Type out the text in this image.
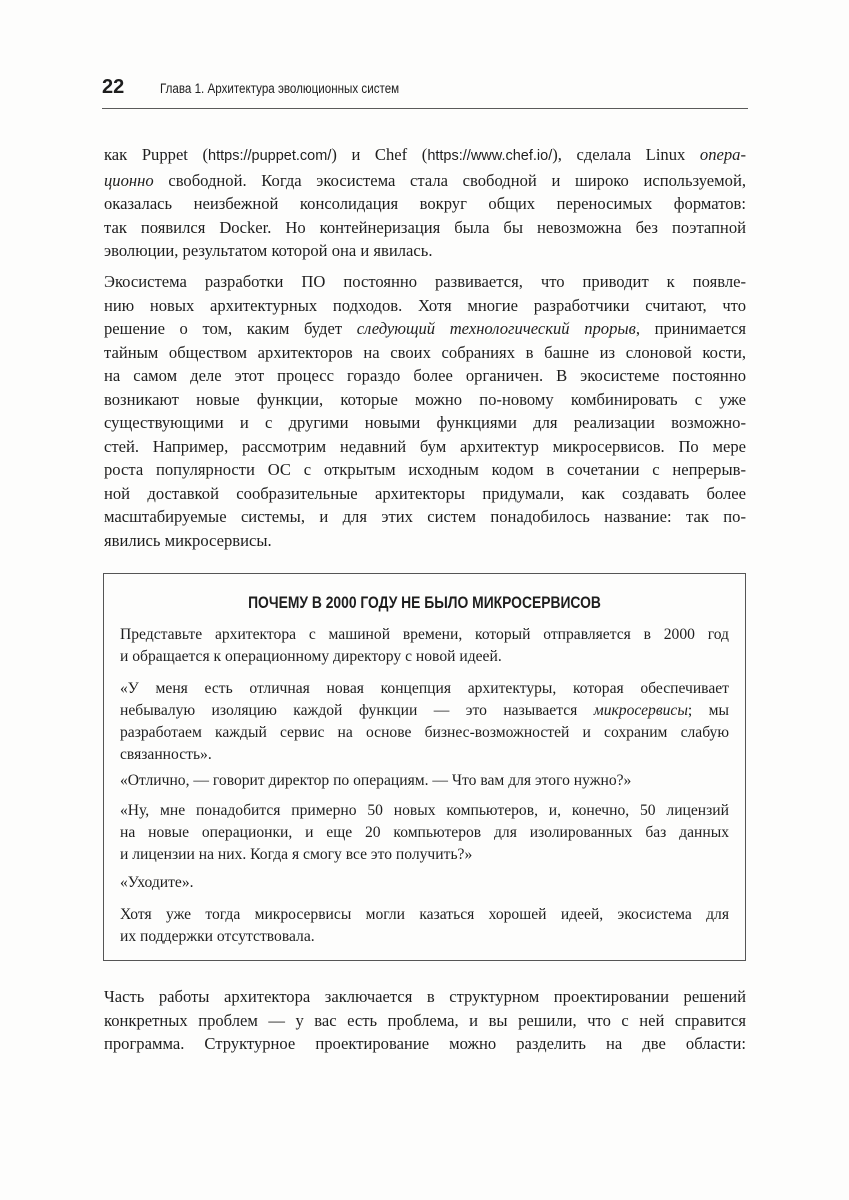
22	Глава 1. Архитектура эволюционных систем
как Puppet (https://puppet.com/) и Chef (https://www.chef.io/), сделала Linux опера-
ционно свободной. Когда экосистема стала свободной и широко используемой,
оказалась неизбежной консолидация вокруг общих переносимых форматов:
так появился Docker. Но контейнеризация была бы невозможна без поэтапной
эволюции, результатом которой она и явилась.
Экосистема разработки ПО постоянно развивается, что приводит к появле-
нию новых архитектурных подходов. Хотя многие разработчики считают, что
решение о том, каким будет следующий технологический прорыв, принимается
тайным обществом архитекторов на своих собраниях в башне из слоновой кости,
на самом деле этот процесс гораздо более органичен. В экосистеме постоянно
возникают новые функции, которые можно по-новому комбинировать с уже
существующими и с другими новыми функциями для реализации возможно-
стей. Например, рассмотрим недавний бум архитектур микросервисов. По мере
роста популярности ОС с открытым исходным кодом в сочетании с непрерыв-
ной доставкой сообразительные архитекторы придумали, как создавать более
масштабируемые системы, и для этих систем понадобилось название: так по-
явились микросервисы.
ПОЧЕМУ В 2000 ГОДУ НЕ БЫЛО МИКРОСЕРВИСОВ
Представьте архитектора с машиной времени, который отправляется в 2000 год
и обращается к операционному директору с новой идеей.
«У меня есть отличная новая концепция архитектуры, которая обеспечивает
небывалую изоляцию каждой функции — это называется микросервисы; мы
разработаем каждый сервис на основе бизнес-возможностей и сохраним слабую
связанность».
«Отлично, — говорит директор по операциям. — Что вам для этого нужно?»
«Ну, мне понадобится примерно 50 новых компьютеров, и, конечно, 50 лицензий
на новые операционки, и еще 20 компьютеров для изолированных баз данных
и лицензии на них. Когда я смогу все это получить?»
«Уходите».
Хотя уже тогда микросервисы могли казаться хорошей идеей, экосистема для
их поддержки отсутствовала.
Часть работы архитектора заключается в структурном проектировании решений
конкретных проблем — у вас есть проблема, и вы решили, что с ней справится
программа. Структурное проектирование можно разделить на две области:
